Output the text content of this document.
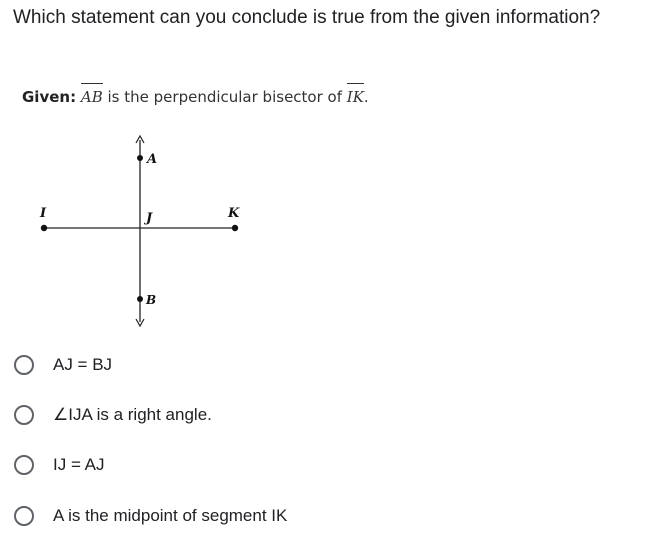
Which statement can you conclude is true from the given information?
Given: AB is the perpendicular bisector of IK.
A
B
I	J	K
AJ = BJ
∠IJA is a right angle.
IJ = AJ
A is the midpoint of segment IK
